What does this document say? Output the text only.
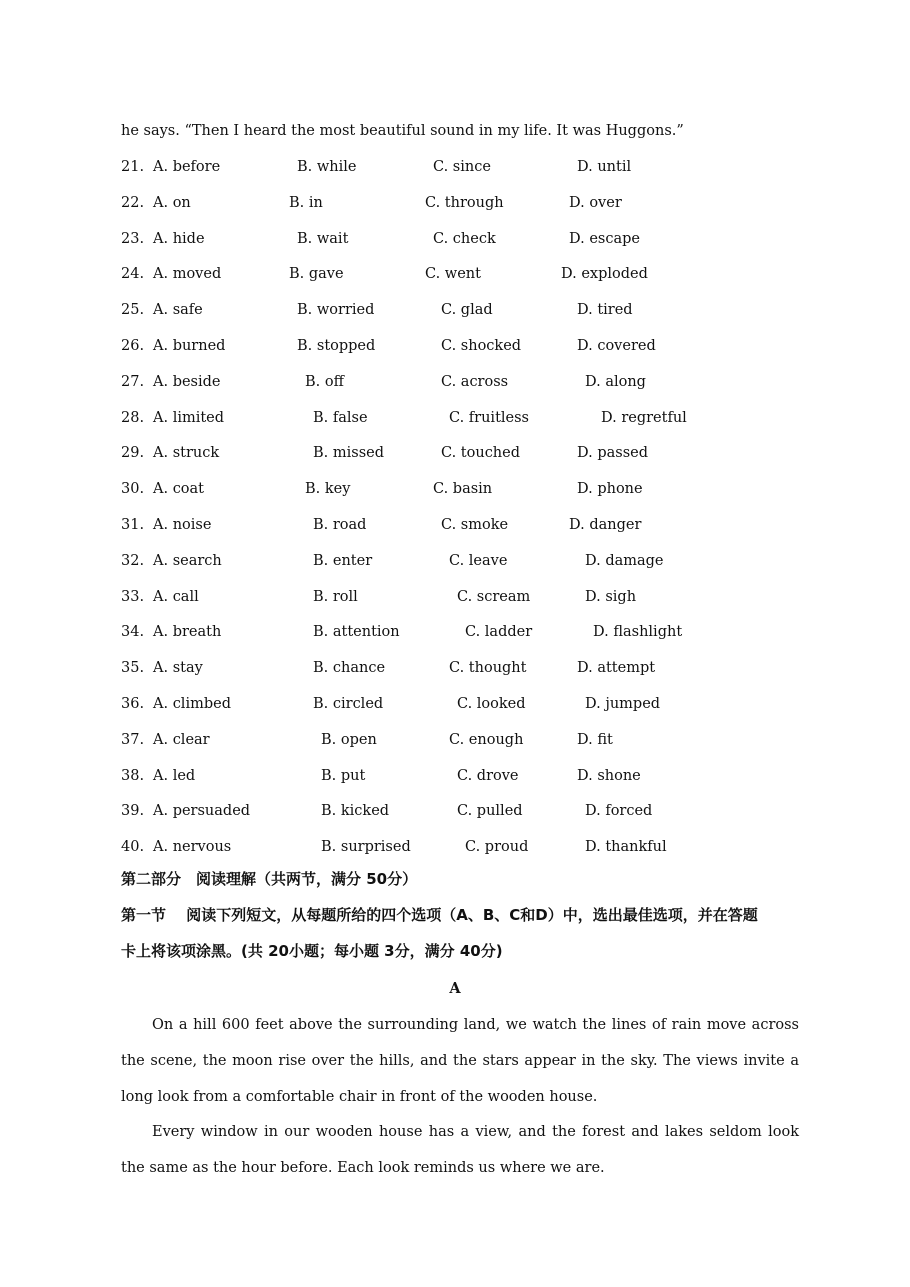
he says. “Then I heard the most beautiful sound in my life. It was Huggons.”
21. A. before	B. while	C. since	D. until
22. A. on	B. in	C. through	D. over
23. A. hide	B. wait	C. check	D. escape
24. A. moved	B. gave	C. went	D. exploded
25. A. safe	B. worried	C. glad	D. tired
26. A. burned	B. stopped	C. shocked	D. covered
27. A. beside	B. off	C. across	D. along
28. A. limited	B. false	C. fruitless	D. regretful
29. A. struck	B. missed	C. touched	D. passed
30. A. coat	B. key	C. basin	D. phone
31. A. noise	B. road	C. smoke	D. danger
32. A. search	B. enter	C. leave	D. damage
33. A. call	B. roll	C. scream	D. sigh
34. A. breath	B. attention	C. ladder	D. flashlight
35. A. stay	B. chance	C. thought	D. attempt
36. A. climbed	B. circled	C. looked	D. jumped
37. A. clear	B. open	C. enough	D. fit
38. A. led	B. put	C. drove	D. shone
39. A. persuaded	B. kicked	C. pulled	D. forced
40. A. nervous	B. surprised	C. proud	D. thankful
第二部分　阅读理解（共两节，满分 50分）
第一节　 阅读下列短文，从每题所给的四个选项（A、B、C和D）中，选出最佳选项，并在答题
卡上将该项涂黑。(共 20小题；每小题 3分，满分 40分)
A

On a hill 600 feet above the surrounding land, we watch the lines of rain move across the scene, the moon rise over the hills, and the stars appear in the sky. The views invite a long look from a comfortable chair in front of the wooden house.

Every window in our wooden house has a view, and the forest and lakes seldom look the same as the hour before. Each look reminds us where we are.
